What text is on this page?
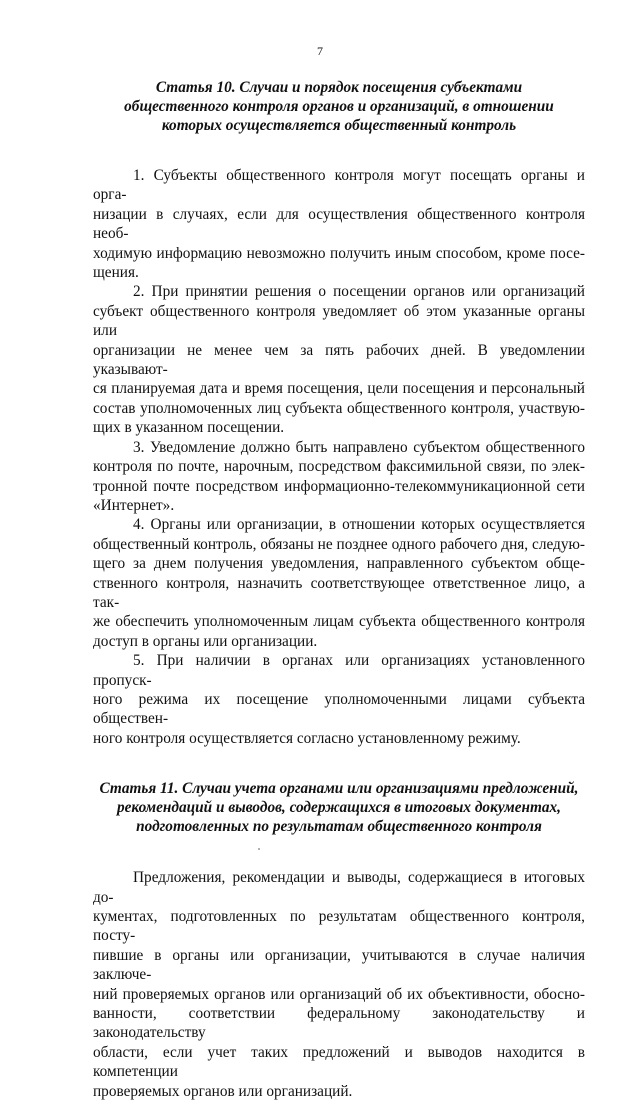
7
Статья 10. Случаи и порядок посещения субъектами
общественного контроля органов и организаций, в отношении
которых осуществляется общественный контроль

1. Субъекты общественного контроля могут посещать органы и орга-
низации в случаях, если для осуществления общественного контроля необ-
ходимую информацию невозможно получить иным способом, кроме посе-
щения.

2. При принятии решения о посещении органов или организаций
субъект общественного контроля уведомляет об этом указанные органы или
организации не менее чем за пять рабочих дней. В уведомлении указывают-
ся планируемая дата и время посещения, цели посещения и персональный
состав уполномоченных лиц субъекта общественного контроля, участвую-
щих в указанном посещении.

3. Уведомление должно быть направлено субъектом общественного
контроля по почте, нарочным, посредством факсимильной связи, по элек-
тронной почте посредством информационно-телекоммуникационной сети
«Интернет».

4. Органы или организации, в отношении которых осуществляется
общественный контроль, обязаны не позднее одного рабочего дня, следую-
щего за днем получения уведомления, направленного субъектом обще-
ственного контроля, назначить соответствующее ответственное лицо, а так-
же обеспечить уполномоченным лицам субъекта общественного контроля
доступ в органы или организации.

5. При наличии в органах или организациях установленного пропуск-
ного режима их посещение уполномоченными лицами субъекта обществен-
ного контроля осуществляется согласно установленному режиму.

Статья 11. Случаи учета органами или организациями предложений,
рекомендаций и выводов, содержащихся в итоговых документах,
подготовленных по результатам общественного контроля

Предложения, рекомендации и выводы, содержащиеся в итоговых до-
кументах, подготовленных по результатам общественного контроля, посту-
пившие в органы или организации, учитываются в случае наличия заключе-
ний проверяемых органов или организаций об их объективности, обосно-
ванности, соответствии федеральному законодательству и законодательству
области, если учет таких предложений и выводов находится в компетенции
проверяемых органов или организаций.
